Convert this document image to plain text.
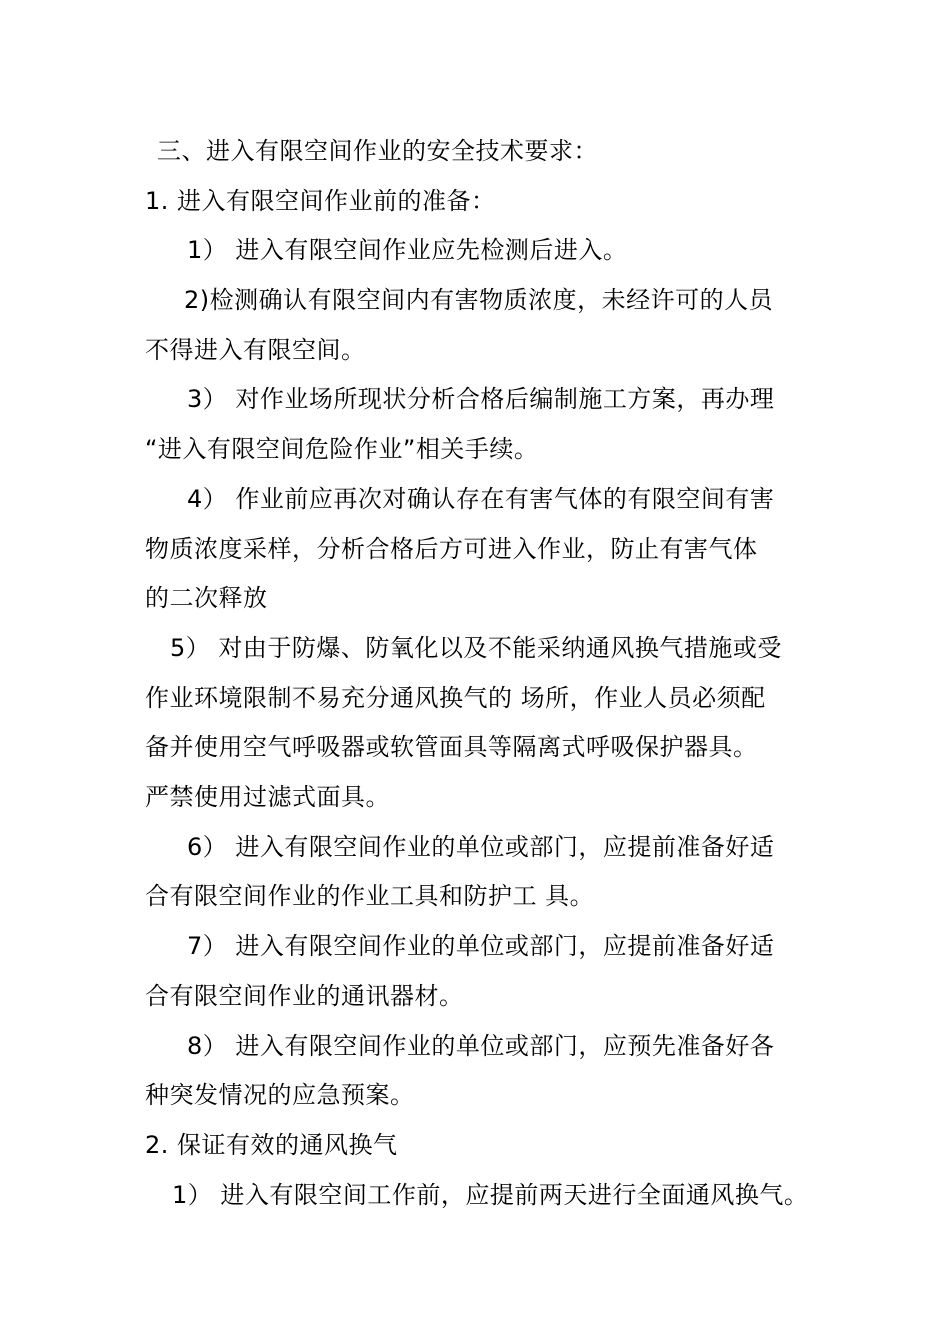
三、进入有限空间作业的安全技术要求：
1. 进入有限空间作业前的准备：
1） 进入有限空间作业应先检测后进入。
2)检测确认有限空间内有害物质浓度，未经许可的人员
不得进入有限空间。
3） 对作业场所现状分析合格后编制施工方案，再办理
“进入有限空间危险作业”相关手续。
4） 作业前应再次对确认存在有害气体的有限空间有害
物质浓度采样，分析合格后方可进入作业，防止有害气体
的二次释放
5） 对由于防爆、防氧化以及不能采纳通风换气措施或受
作业环境限制不易充分通风换气的 场所，作业人员必须配
备并使用空气呼吸器或软管面具等隔离式呼吸保护器具。
严禁使用过滤式面具。
6） 进入有限空间作业的单位或部门，应提前准备好适
合有限空间作业的作业工具和防护工 具。
7） 进入有限空间作业的单位或部门，应提前准备好适
合有限空间作业的通讯器材。
8） 进入有限空间作业的单位或部门，应预先准备好各
种突发情况的应急预案。
2. 保证有效的通风换气
1） 进入有限空间工作前，应提前两天进行全面通风换气。
